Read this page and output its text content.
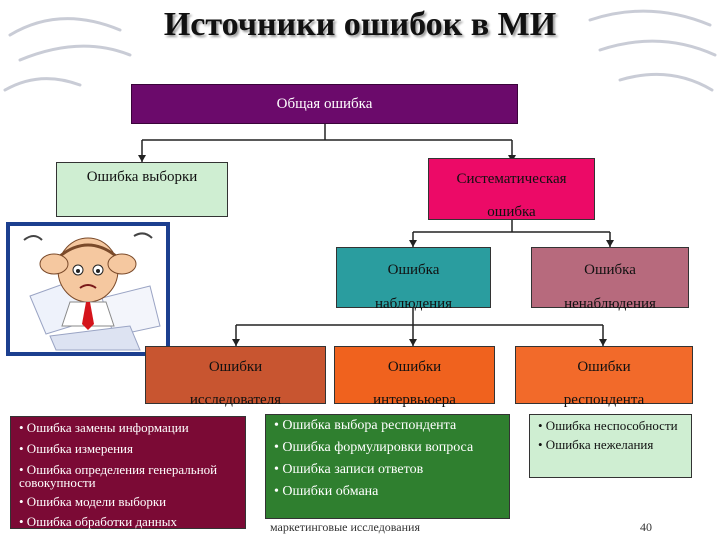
Источники ошибок в МИ
Общая ошибка
Ошибка выборки	Систематическая
ошибка
Ошибка
наблюдения
Ошибка
ненаблюдения
Ошибки
исследователя
Ошибки
интервьюера
Ошибки
респондента
• Ошибка замены информации
• Ошибка измерения
• Ошибка определения генеральной совокупности
• Ошибка модели выборки
• Ошибка обработки данных
• Ошибка выбора респондента
• Ошибка формулировки вопроса
• Ошибка записи ответов
• Ошибки обмана
• Ошибка неспособности
• Ошибка нежелания
маркетинговые исследования	40
